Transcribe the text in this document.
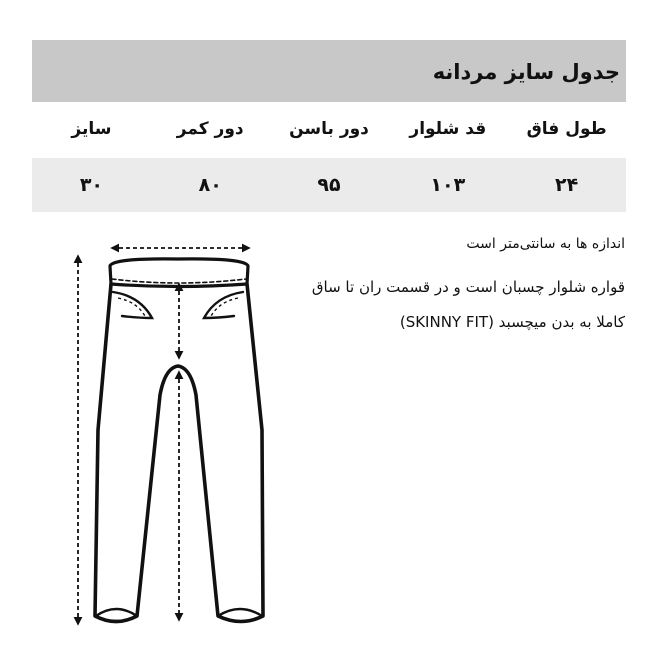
جدول سایز مردانه
طول فاق
قد شلوار
دور باسن
دور کمر
سایز
۲۴
۱۰۳
۹۵
۸۰
۳۰
اندازه ها به سانتی‌متر است
قواره شلوار چسبان است و در قسمت ران تا ساق
کاملا به بدن میچسبد (SKINNY FIT)
